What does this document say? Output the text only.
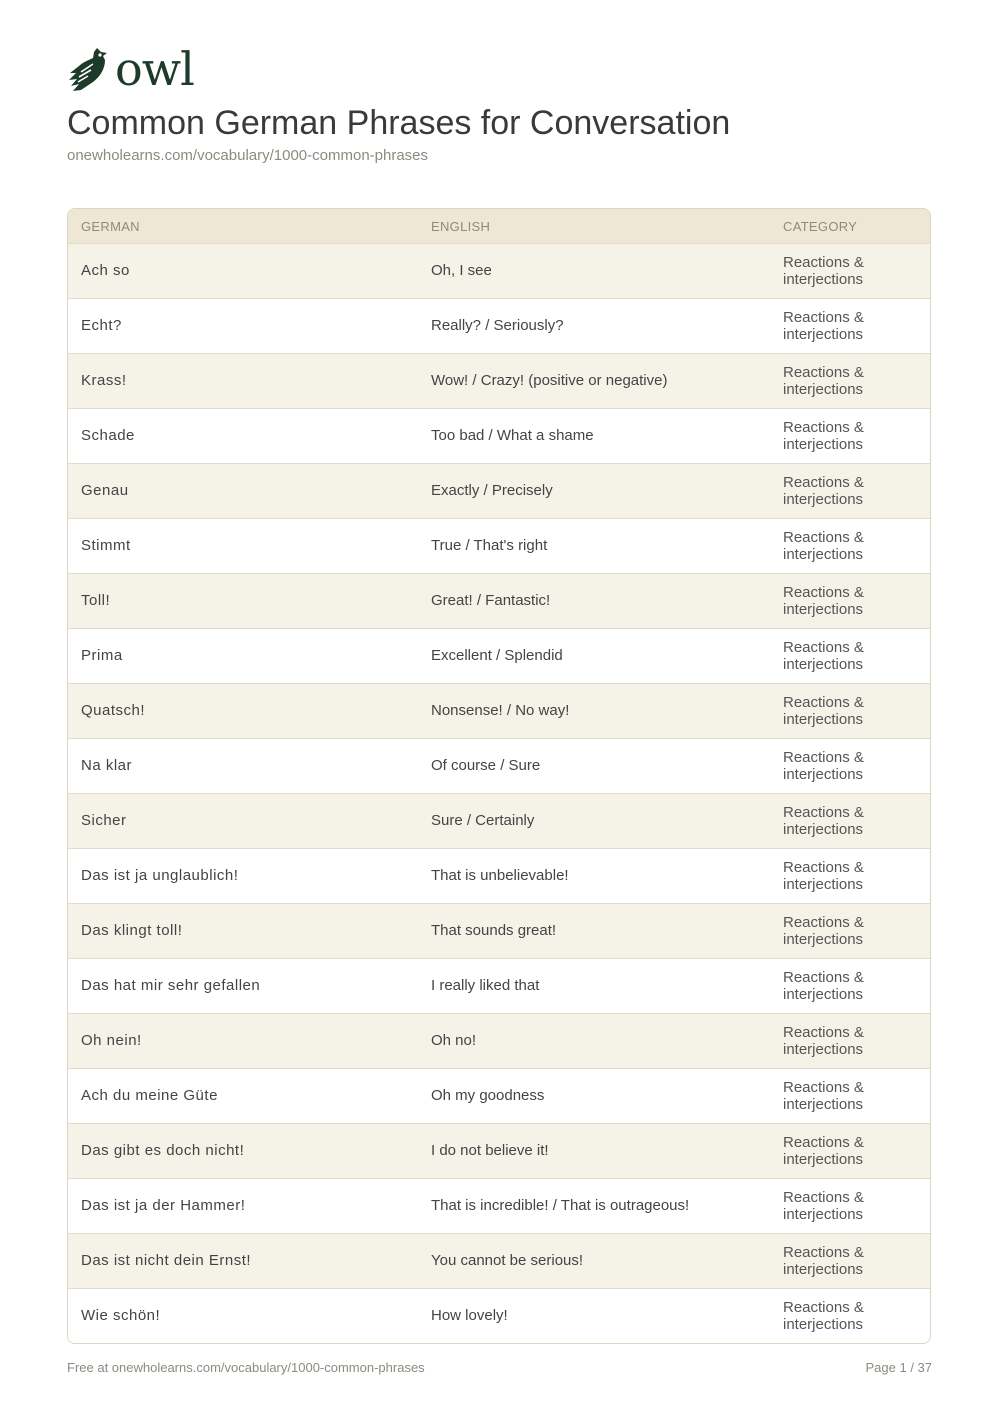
owl
Common German Phrases for Conversation
onewholearns.com/vocabulary/1000-common-phrases
GERMAN	ENGLISH	CATEGORY
Ach so	Oh, I see	Reactions & interjections
Echt?	Really? / Seriously?	Reactions & interjections
Krass!	Wow! / Crazy! (positive or negative)	Reactions & interjections
Schade	Too bad / What a shame	Reactions & interjections
Genau	Exactly / Precisely	Reactions & interjections
Stimmt	True / That's right	Reactions & interjections
Toll!	Great! / Fantastic!	Reactions & interjections
Prima	Excellent / Splendid	Reactions & interjections
Quatsch!	Nonsense! / No way!	Reactions & interjections
Na klar	Of course / Sure	Reactions & interjections
Sicher	Sure / Certainly	Reactions & interjections
Das ist ja unglaublich!	That is unbelievable!	Reactions & interjections
Das klingt toll!	That sounds great!	Reactions & interjections
Das hat mir sehr gefallen	I really liked that	Reactions & interjections
Oh nein!	Oh no!	Reactions & interjections
Ach du meine Güte	Oh my goodness	Reactions & interjections
Das gibt es doch nicht!	I do not believe it!	Reactions & interjections
Das ist ja der Hammer!	That is incredible! / That is outrageous!	Reactions & interjections
Das ist nicht dein Ernst!	You cannot be serious!	Reactions & interjections
Wie schön!	How lovely!	Reactions & interjections
Free at onewholearns.com/vocabulary/1000-common-phrases	Page 1 / 37
